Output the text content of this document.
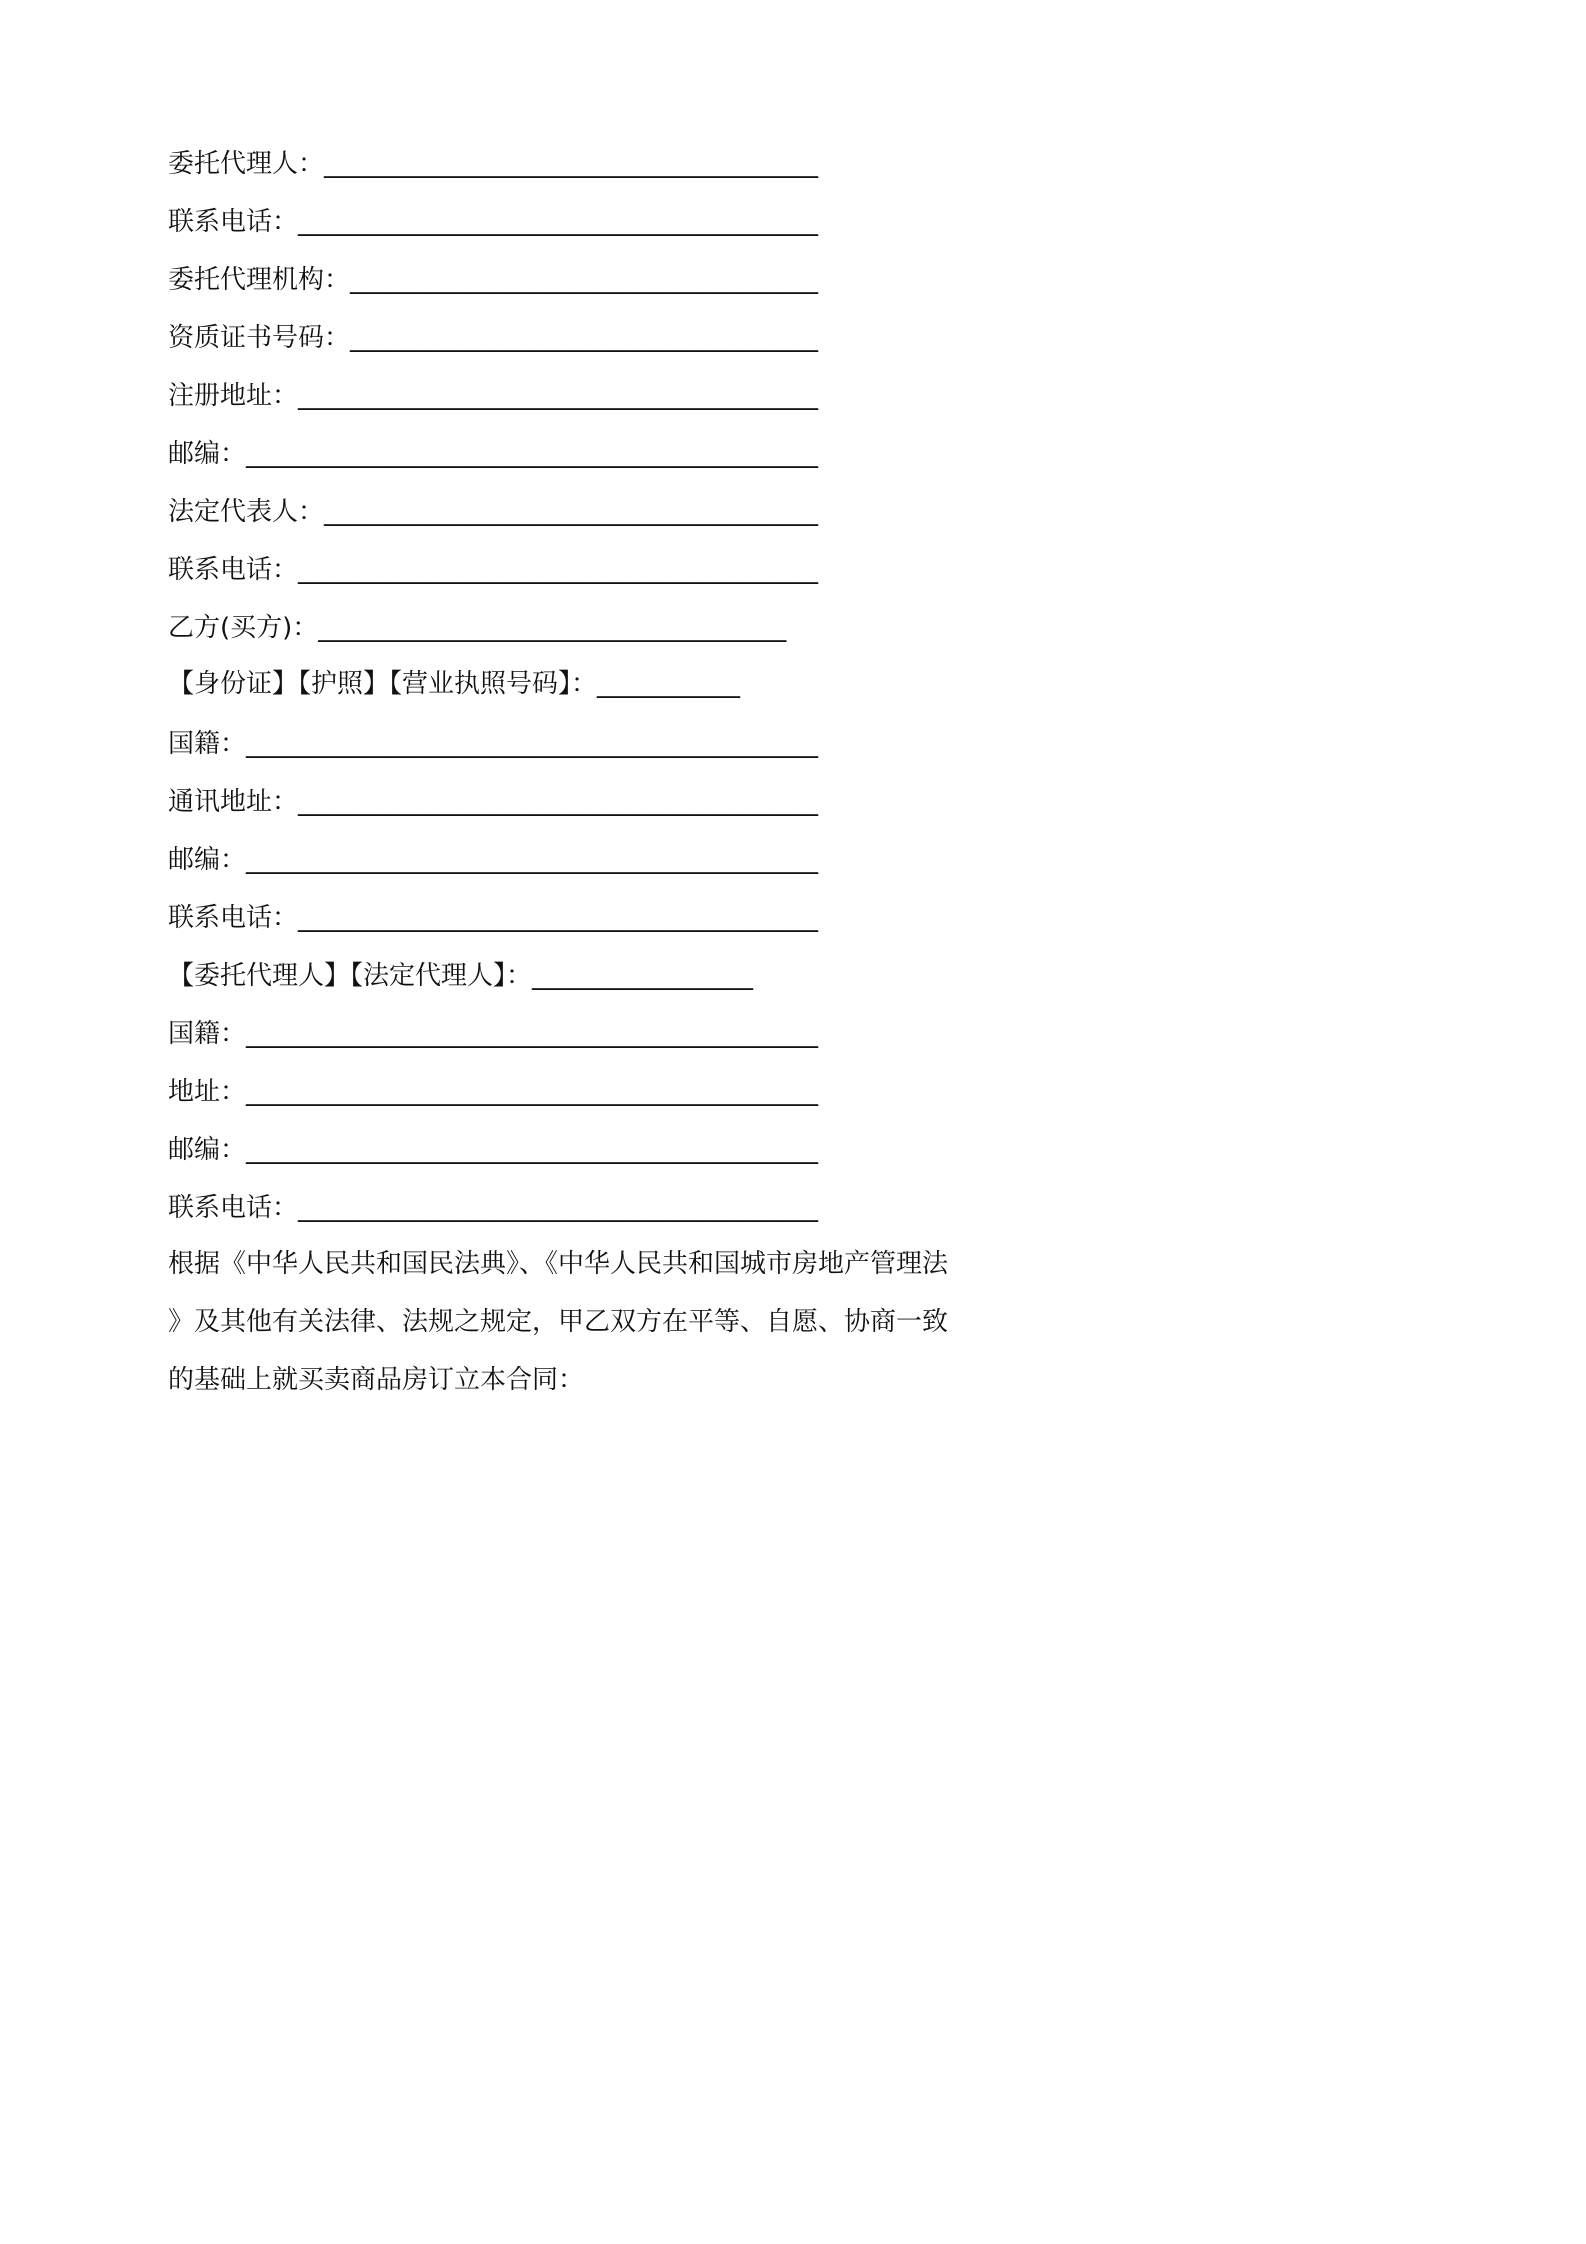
委托代理人：______________________________________
联系电话：________________________________________
委托代理机构：____________________________________
资质证书号码：____________________________________
注册地址：________________________________________
邮编：____________________________________________
法定代表人：______________________________________
联系电话：________________________________________
乙方(买方)：____________________________________
【身份证】【护照】【营业执照号码】：___________
国籍：____________________________________________
通讯地址：________________________________________
邮编：____________________________________________
联系电话：________________________________________
【委托代理人】【法定代理人】：_________________
国籍：____________________________________________
地址：____________________________________________
邮编：____________________________________________
联系电话：________________________________________
根据《中华人民共和国民法典》、《中华人民共和国城市房地产管理法
》及其他有关法律、法规之规定，甲乙双方在平等、自愿、协商一致
的基础上就买卖商品房订立本合同：
